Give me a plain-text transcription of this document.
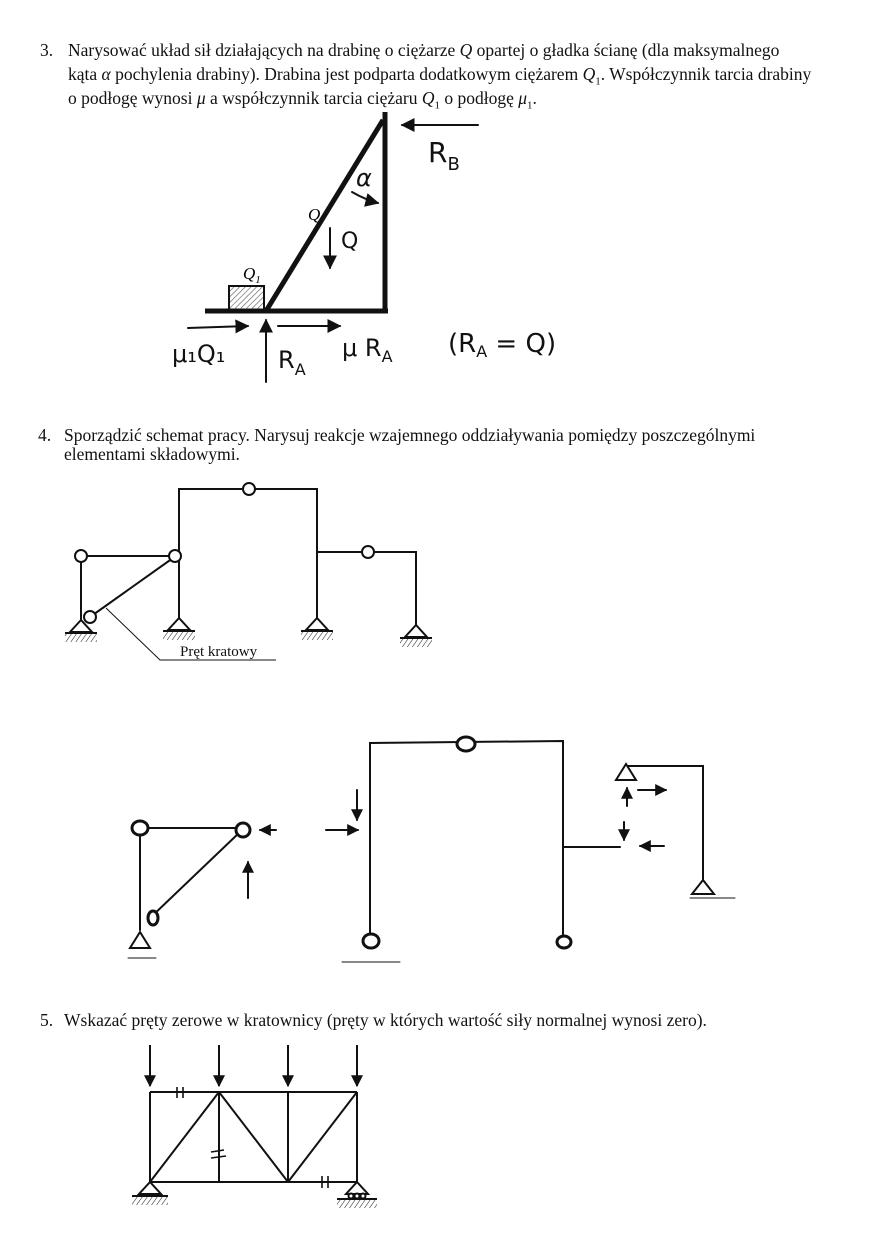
3. Narysować układ sił działających na drabinę o ciężarze Q opartej o gładka ścianę (dla maksymalnego
kąta α pochylenia drabiny). Drabina jest podparta dodatkowym ciężarem $Q_1$. Współczynnik tarcia drabiny
o podłogę wynosi μ a współczynnik tarcia ciężaru $Q_1$ o podłogę $\mu_1$.
$Q_1$
Q
α
Q
$R_B$
μ₁Q₁ $R_A$
μ $R_A$ (RA = Q)
4. Sporządzić schemat pracy. Narysuj reakcje wzajemnego oddziaływania pomiędzy poszczególnymi
elementami składowymi.
Pręt kratowy
5. Wskazać pręty zerowe w kratownicy (pręty w których wartość siły normalnej wynosi zero).
